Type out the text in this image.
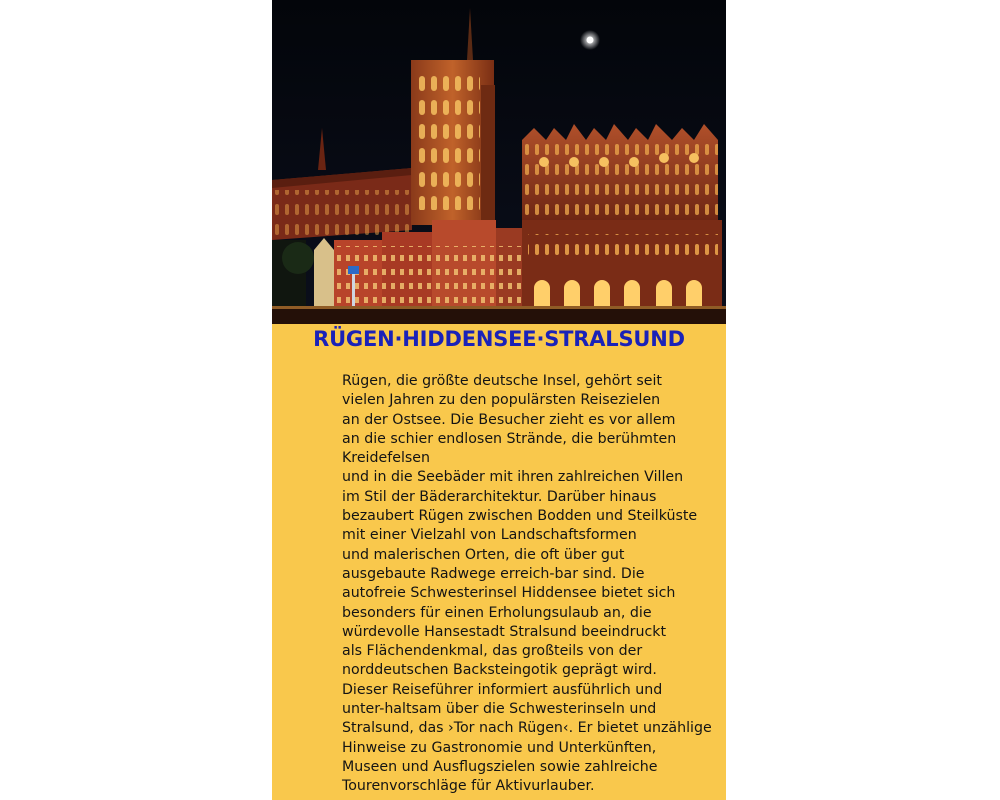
RÜGEN·HIDDENSEE·STRALSUND
Rügen, die größte deutsche Insel, gehört seit
vielen Jahren zu den populärsten Reisezielen
an der Ostsee. Die Besucher zieht es vor allem
an die schier endlosen Strände, die berühmten
Kreidefelsen
und in die Seebäder mit ihren zahlreichen Villen
im Stil der Bäderarchitektur. Darüber hinaus
bezaubert Rügen zwischen Bodden und Steilküste
mit einer Vielzahl von Landschaftsformen
und malerischen Orten, die oft über gut
ausgebaute Radwege erreich-bar sind. Die
autofreie Schwesterinsel Hiddensee bietet sich
besonders für einen Erholungsulaub an, die
würdevolle Hansestadt Stralsund beeindruckt
als Flächendenkmal, das großteils von der
norddeutschen Backsteingotik geprägt wird.
Dieser Reiseführer informiert ausführlich und
unter-haltsam über die Schwesterinseln und
Stralsund, das ›Tor nach Rügen‹. Er bietet unzählige
Hinweise zu Gastronomie und Unterkünften,
Museen und Ausflugszielen sowie zahlreiche
Tourenvorschläge für Aktivurlauber.
